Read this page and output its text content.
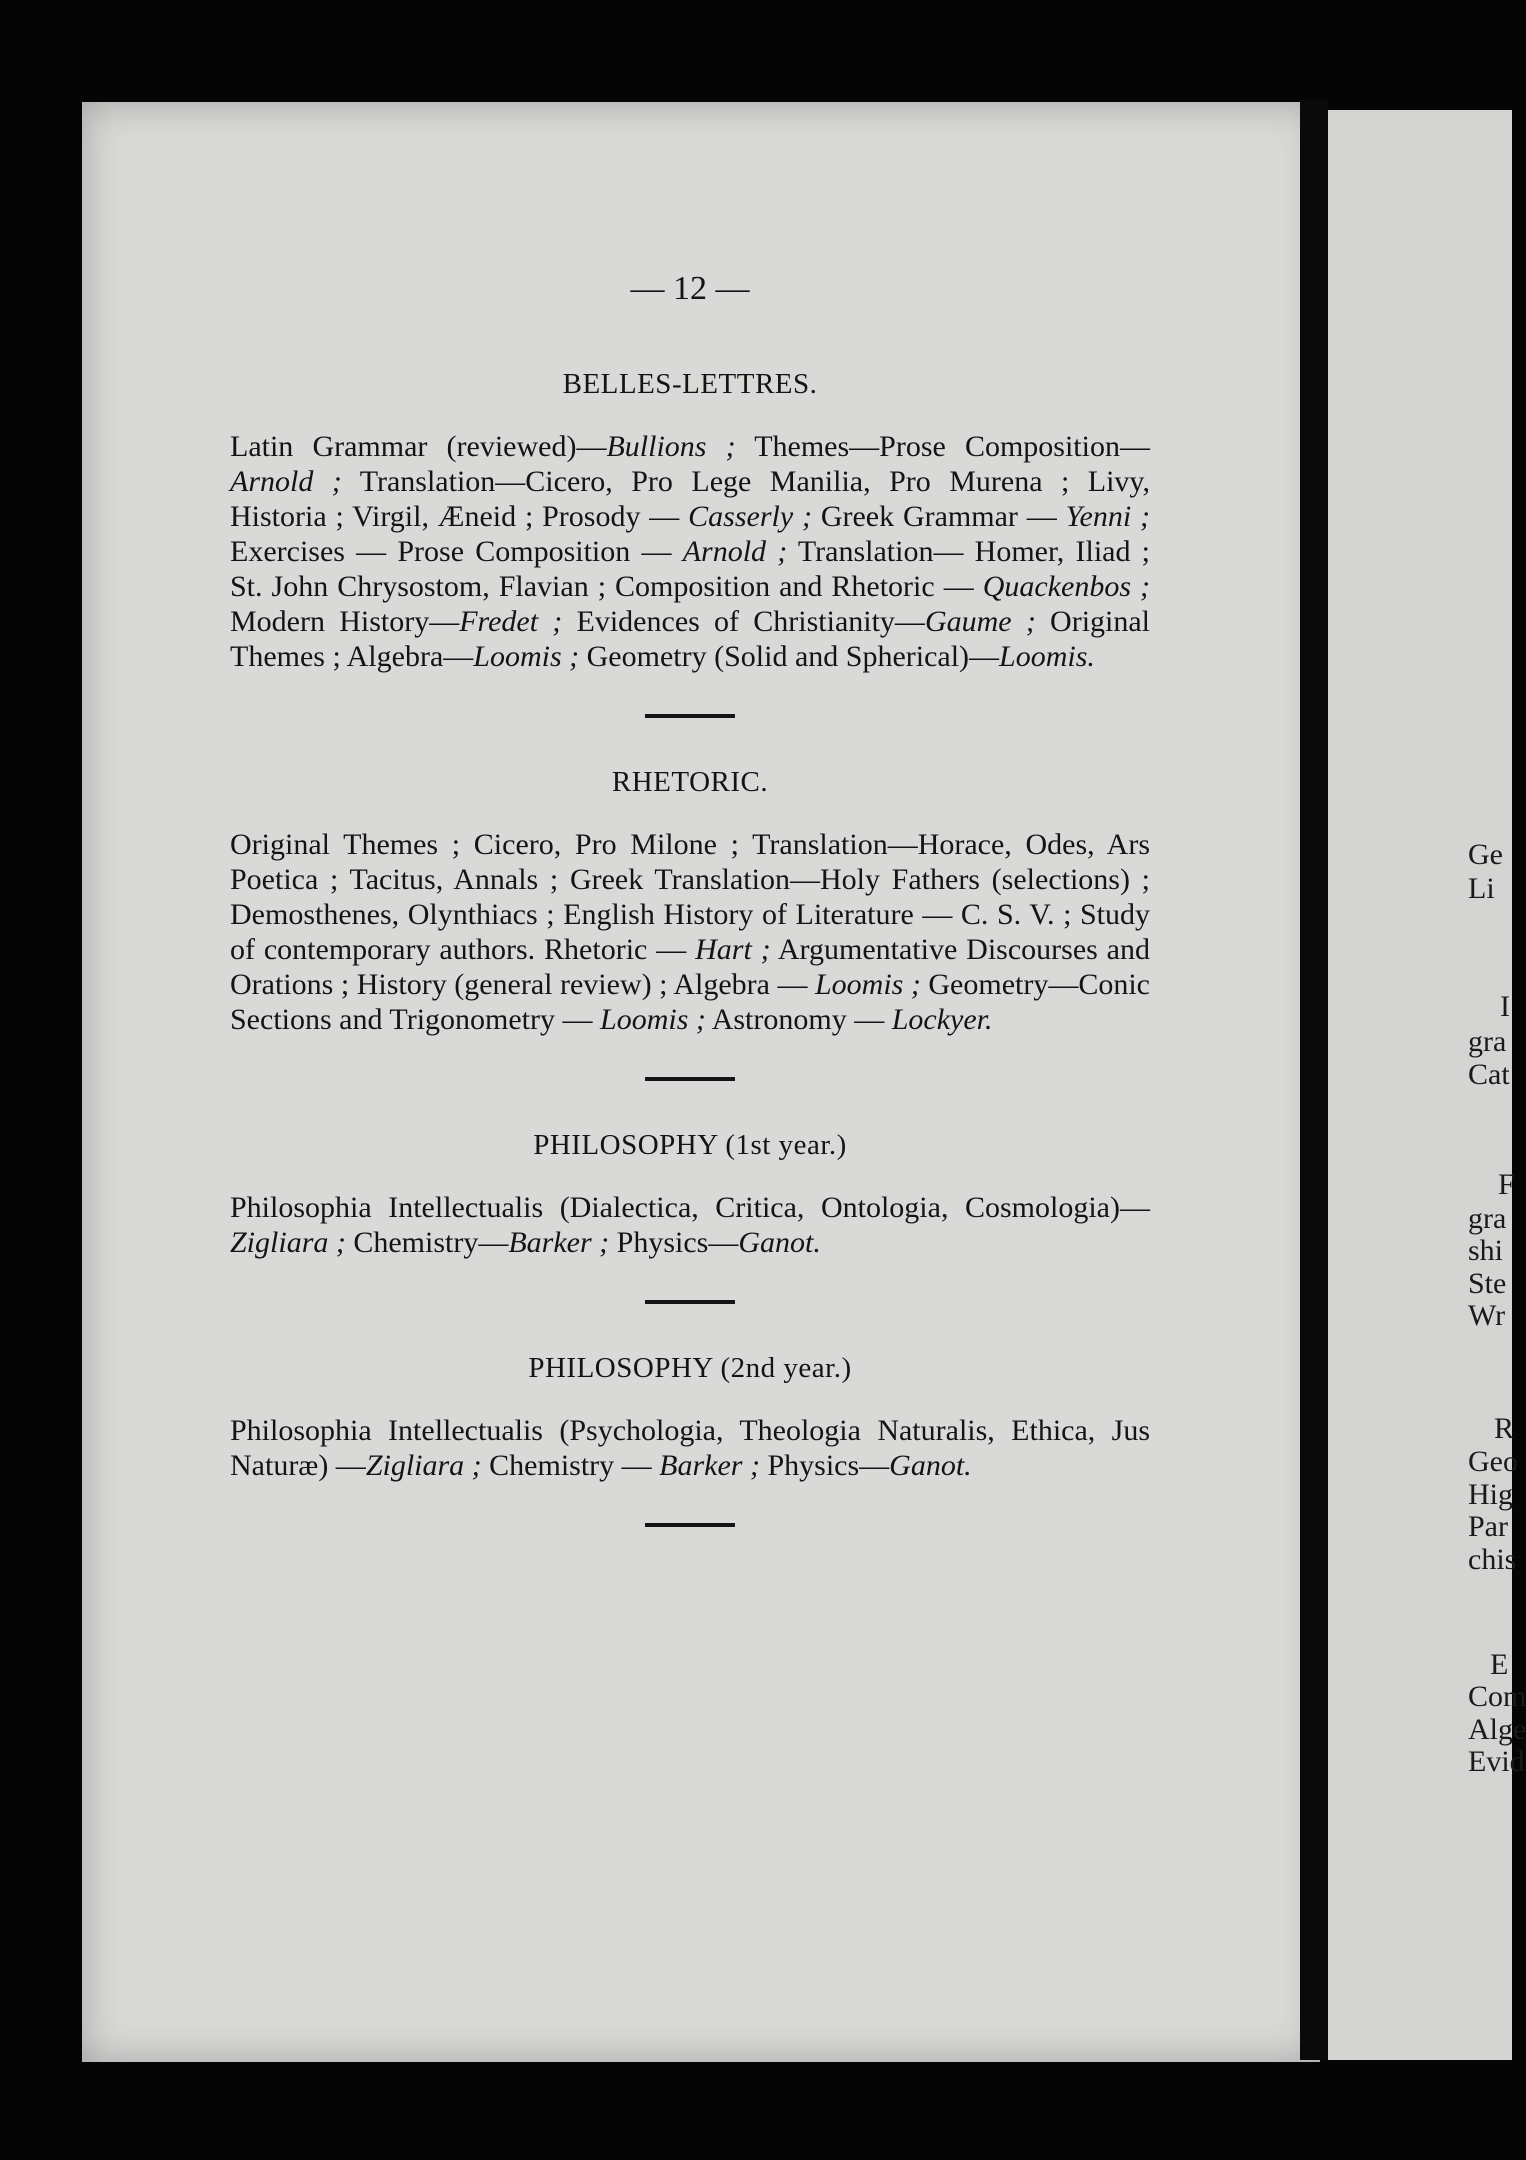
— 12 —
BELLES-LETTRES.

Latin Grammar (reviewed)—Bullions ; Themes—Prose Composition—Arnold ; Translation—Cicero, Pro Lege Manilia, Pro Murena ; Livy, Historia ; Virgil, Æneid ; Prosody — Casserly ; Greek Grammar — Yenni ; Exercises — Prose Composition — Arnold ; Translation— Homer, Iliad ; St. John Chrysostom, Flavian ; Composition and Rhetoric — Quackenbos ; Modern History—Fredet ; Evidences of Christianity—Gaume ; Original Themes ; Algebra—Loomis ; Geometry (Solid and Spherical)—Loomis.

RHETORIC.

Original Themes ; Cicero, Pro Milone ; Translation—Horace, Odes, Ars Poetica ; Tacitus, Annals ; Greek Translation—Holy Fathers (selections) ; Demosthenes, Olynthiacs ; English History of Literature — C. S. V. ; Study of contemporary authors. Rhetoric — Hart ; Argumentative Discourses and Orations ; History (general review) ; Algebra — Loomis ; Geometry—Conic Sections and Trigonometry — Loomis ; Astronomy — Lockyer.

PHILOSOPHY (1st year.)

Philosophia Intellectualis (Dialectica, Critica, Ontologia, Cosmologia)—Zigliara ; Chemistry—Barker ; Physics—Ganot.

PHILOSOPHY (2nd year.)

Philosophia Intellectualis (Psychologia, Theologia Naturalis, Ethica, Jus Naturæ) —Zigliara ; Chemistry — Barker ; Physics—Ganot.

Ge
Li
I
gra
Cat
F
gra
shi
Ste
Wr
R
Geo
Hig
Par
chis
E
Com
Alge
Evid
